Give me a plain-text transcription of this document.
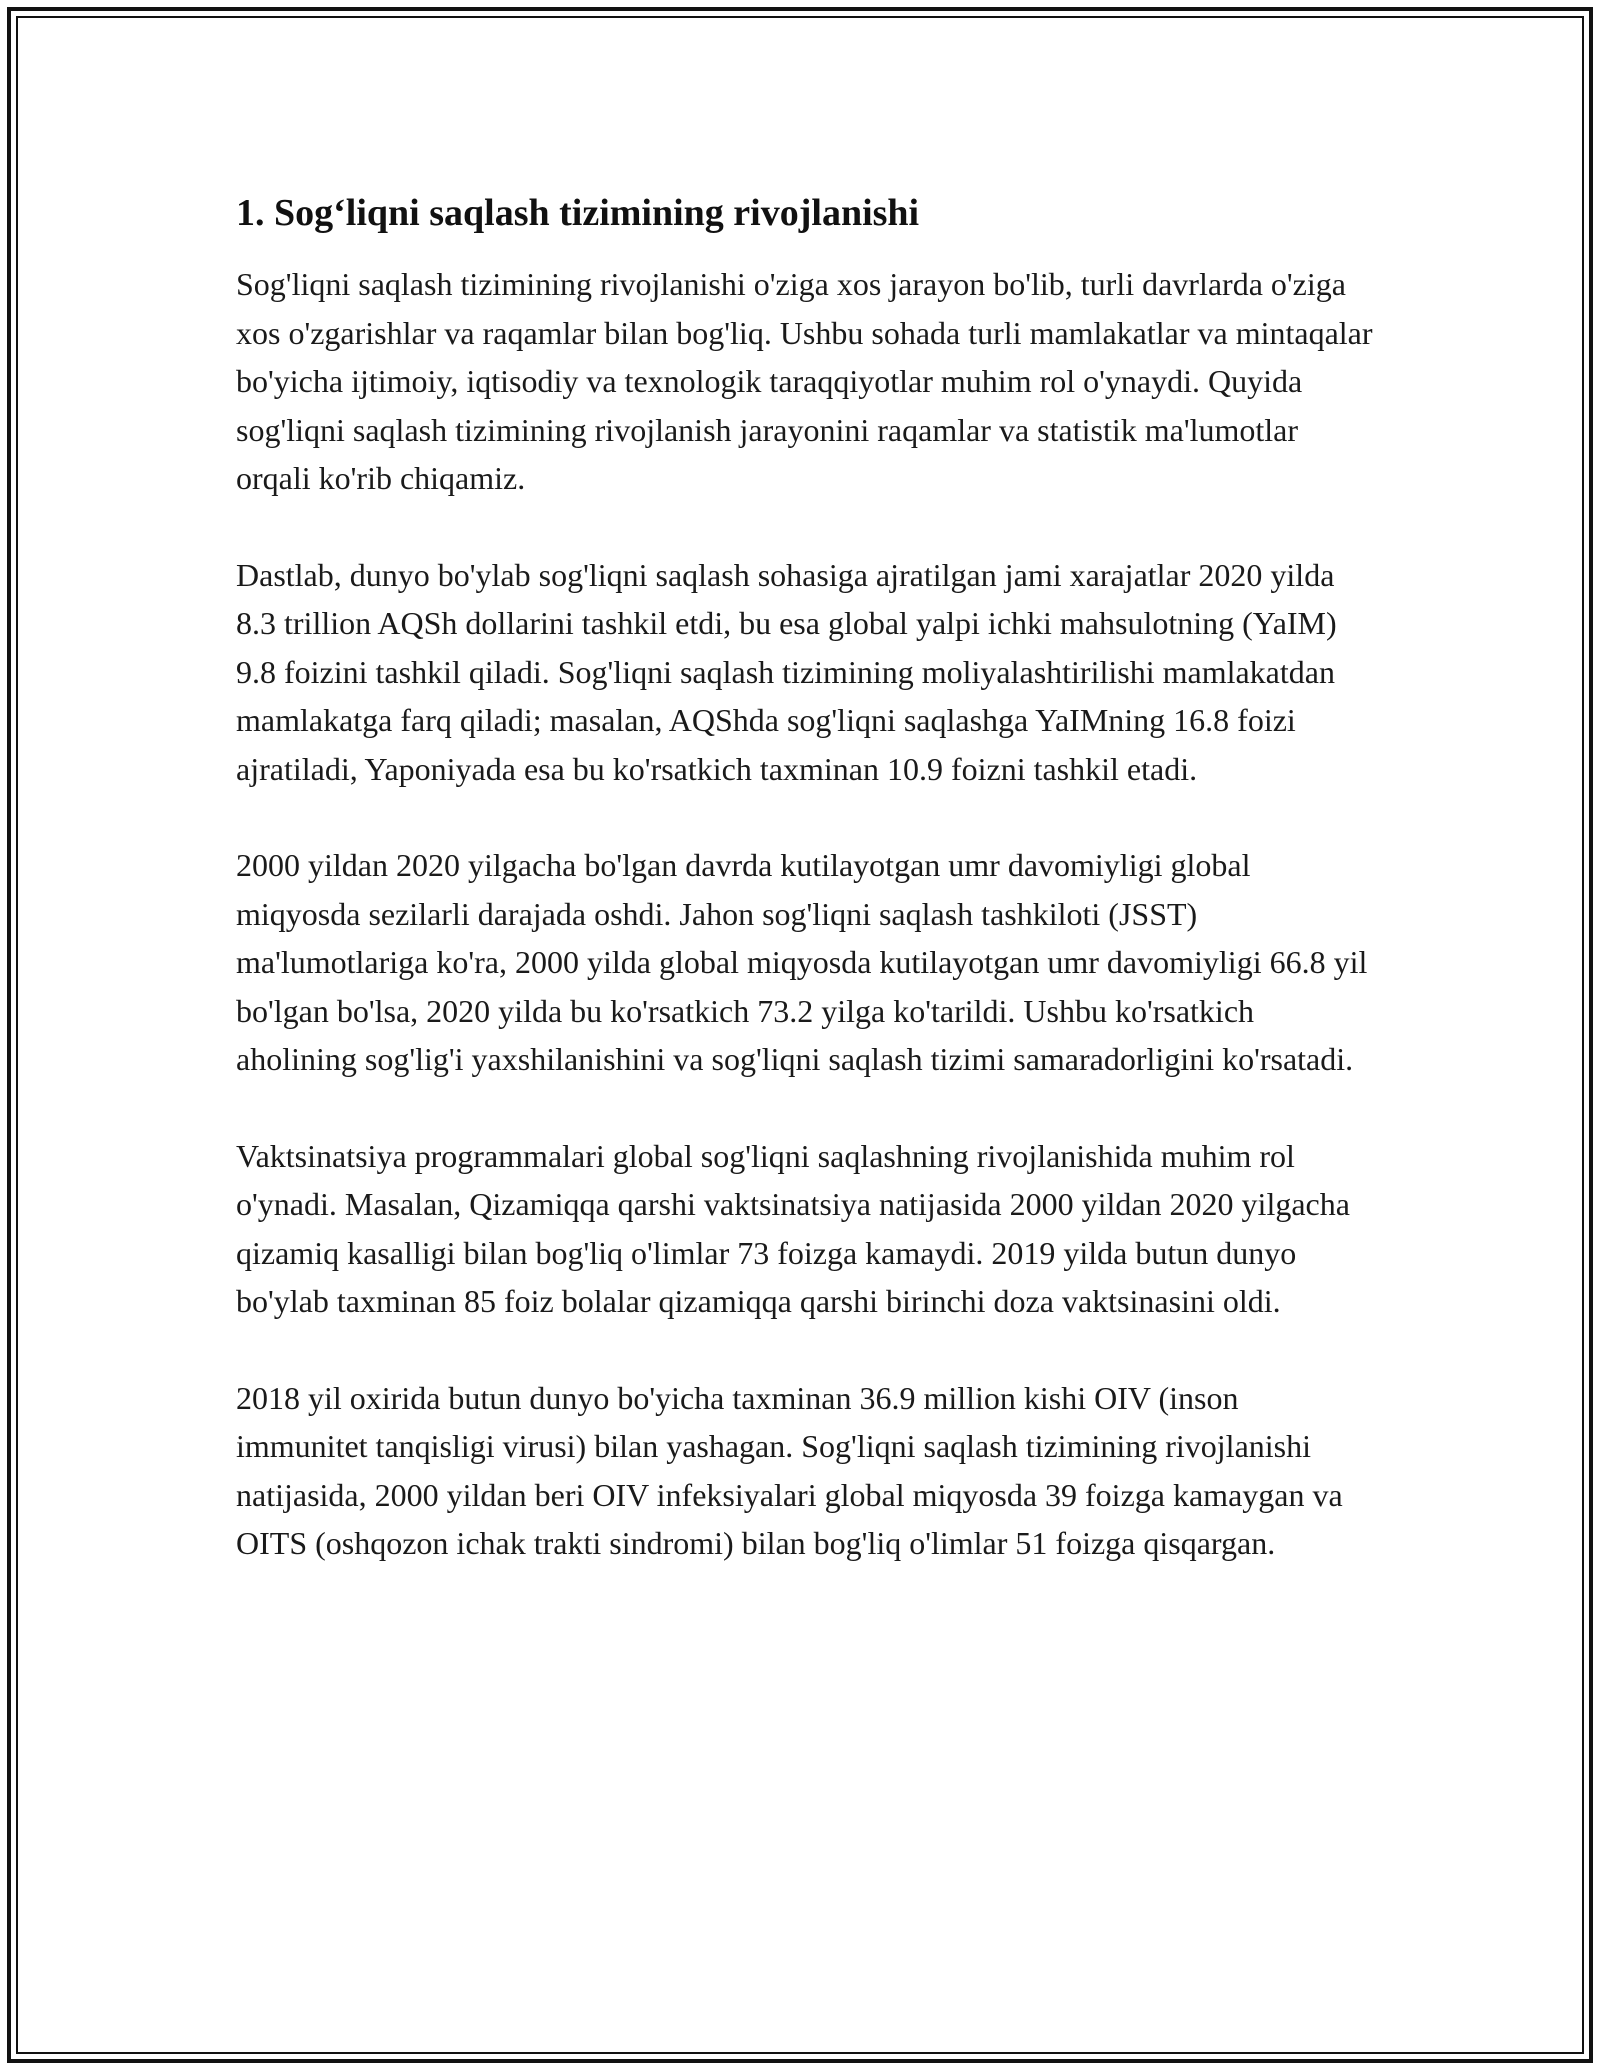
1. Sog‘liqni saqlash tizimining rivojlanishi

Sog'liqni saqlash tizimining rivojlanishi o'ziga xos jarayon bo'lib, turli davrlarda o'ziga xos o'zgarishlar va raqamlar bilan bog'liq. Ushbu sohada turli mamlakatlar va mintaqalar bo'yicha ijtimoiy, iqtisodiy va texnologik taraqqiyotlar muhim rol o'ynaydi. Quyida sog'liqni saqlash tizimining rivojlanish jarayonini raqamlar va statistik ma'lumotlar orqali ko'rib chiqamiz.

Dastlab, dunyo bo'ylab sog'liqni saqlash sohasiga ajratilgan jami xarajatlar 2020 yilda 8.3 trillion AQSh dollarini tashkil etdi, bu esa global yalpi ichki mahsulotning (YaIM) 9.8 foizini tashkil qiladi. Sog'liqni saqlash tizimining moliyalashtirilishi mamlakatdan mamlakatga farq qiladi; masalan, AQShda sog'liqni saqlashga YaIMning 16.8 foizi ajratiladi, Yaponiyada esa bu ko'rsatkich taxminan 10.9 foizni tashkil etadi.

2000 yildan 2020 yilgacha bo'lgan davrda kutilayotgan umr davomiyligi global miqyosda sezilarli darajada oshdi. Jahon sog'liqni saqlash tashkiloti (JSST) ma'lumotlariga ko'ra, 2000 yilda global miqyosda kutilayotgan umr davomiyligi 66.8 yil bo'lgan bo'lsa, 2020 yilda bu ko'rsatkich 73.2 yilga ko'tarildi. Ushbu ko'rsatkich aholining sog'lig'i yaxshilanishini va sog'liqni saqlash tizimi samaradorligini ko'rsatadi.

Vaktsinatsiya programmalari global sog'liqni saqlashning rivojlanishida muhim rol o'ynadi. Masalan, Qizamiqqa qarshi vaktsinatsiya natijasida 2000 yildan 2020 yilgacha qizamiq kasalligi bilan bog'liq o'limlar 73 foizga kamaydi. 2019 yilda butun dunyo bo'ylab taxminan 85 foiz bolalar qizamiqqa qarshi birinchi doza vaktsinasini oldi.

2018 yil oxirida butun dunyo bo'yicha taxminan 36.9 million kishi OIV (inson immunitet tanqisligi virusi) bilan yashagan. Sog'liqni saqlash tizimining rivojlanishi natijasida, 2000 yildan beri OIV infeksiyalari global miqyosda 39 foizga kamaygan va OITS (oshqozon ichak trakti sindromi) bilan bog'liq o'limlar 51 foizga qisqargan.
